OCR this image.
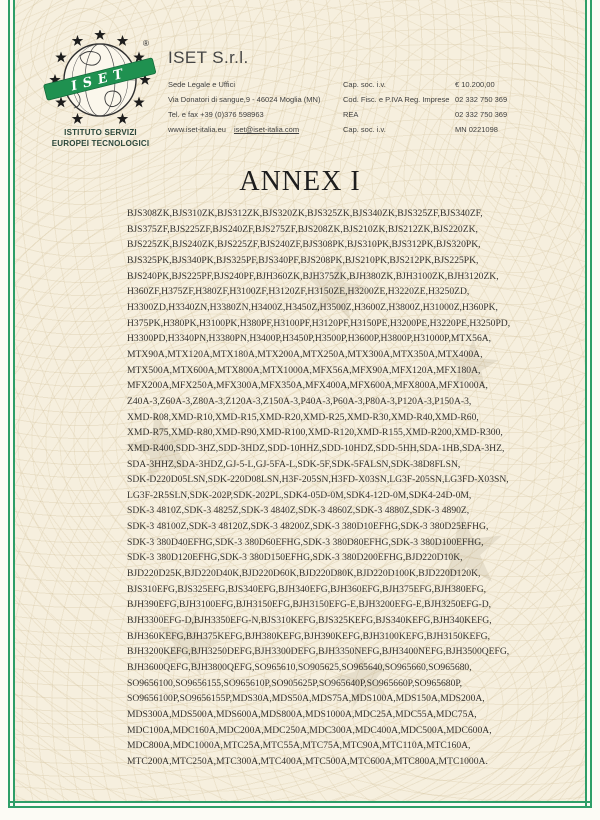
★
★
★
★
★
★
ISET
®
ISTITUTO SERVIZI
EUROPEI TECNOLOGICI
ISET S.r.l.
Sede Legale e Uffici
Via Donatori di sangue,9 - 46024 Moglia (MN)
Tel. e fax +39 (0)376 598963
www.iset-italia.eu iset@iset-italia.com
Cap. soc. i.v.	€ 10.200,00
Cod. Fisc. e P.IVA Reg. Imprese 02 332 750 369
REA	02 332 750 369
Cap. soc. i.v.	MN 0221098
ANNEX I
BJS308ZK,BJS310ZK,BJS312ZK,BJS320ZK,BJS325ZK,BJS340ZK,BJS325ZF,BJS340ZF,
BJS375ZF,BJS225ZF,BJS240ZF,BJS275ZF,BJS208ZK,BJS210ZK,BJS212ZK,BJS220ZK,
BJS225ZK,BJS240ZK,BJS225ZF,BJS240ZF,BJS308PK,BJS310PK,BJS312PK,BJS320PK,
BJS325PK,BJS340PK,BJS325PF,BJS340PF,BJS208PK,BJS210PK,BJS212PK,BJS225PK,
BJS240PK,BJS225PF,BJS240PF,BJH360ZK,BJH375ZK,BJH380ZK,BJH3100ZK,BJH3120ZK,
H360ZF,H375ZF,H380ZF,H3100ZF,H3120ZF,H3150ZE,H3200ZE,H3220ZE,H3250ZD,
H3300ZD,H3340ZN,H3380ZN,H3400Z,H3450Z,H3500Z,H3600Z,H3800Z,H31000Z,H360PK,
H375PK,H380PK,H3100PK,H380PF,H3100PF,H3120PF,H3150PE,H3200PE,H3220PE,H3250PD,
H3300PD,H3340PN,H3380PN,H3400P,H3450P,H3500P,H3600P,H3800P,H31000P,MTX56A,
MTX90A,MTX120A,MTX180A,MTX200A,MTX250A,MTX300A,MTX350A,MTX400A,
MTX500A,MTX600A,MTX800A,MTX1000A,MFX56A,MFX90A,MFX120A,MFX180A,
MFX200A,MFX250A,MFX300A,MFX350A,MFX400A,MFX600A,MFX800A,MFX1000A,
Z40A-3,Z60A-3,Z80A-3,Z120A-3,Z150A-3,P40A-3,P60A-3,P80A-3,P120A-3,P150A-3,
XMD-R08,XMD-R10,XMD-R15,XMD-R20,XMD-R25,XMD-R30,XMD-R40,XMD-R60,
XMD-R75,XMD-R80,XMD-R90,XMD-R100,XMD-R120,XMD-R155,XMD-R200,XMD-R300,
XMD-R400,SDD-3HZ,SDD-3HDZ,SDD-10HHZ,SDD-10HDZ,SDD-5HH,SDA-1HB,SDA-3HZ,
SDA-3HHZ,SDA-3HDZ,GJ-5-L,GJ-5FA-L,SDK-5F,SDK-5FALSN,SDK-38D8FLSN,
SDK-D220D05LSN,SDK-220D08LSN,H3F-205SN,H3FD-X03SN,LG3F-205SN,LG3FD-X03SN,
LG3F-2R5SLN,SDK-202P,SDK-202PL,SDK4-05D-0M,SDK4-12D-0M,SDK4-24D-0M,
SDK-3 4810Z,SDK-3 4825Z,SDK-3 4840Z,SDK-3 4860Z,SDK-3 4880Z,SDK-3 4890Z,
SDK-3 48100Z,SDK-3 48120Z,SDK-3 48200Z,SDK-3 380D10EFHG,SDK-3 380D25EFHG,
SDK-3 380D40EFHG,SDK-3 380D60EFHG,SDK-3 380D80EFHG,SDK-3 380D100EFHG,
SDK-3 380D120EFHG,SDK-3 380D150EFHG,SDK-3 380D200EFHG,BJD220D10K,
BJD220D25K,BJD220D40K,BJD220D60K,BJD220D80K,BJD220D100K,BJD220D120K,
BJS310EFG,BJS325EFG,BJS340EFG,BJH340EFG,BJH360EFG,BJH375EFG,BJH380EFG,
BJH390EFG,BJH3100EFG,BJH3150EFG,BJH3150EFG-E,BJH3200EFG-E,BJH3250EFG-D,
BJH3300EFG-D,BJH3350EFG-N,BJS310KEFG,BJS325KEFG,BJS340KEFG,BJH340KEFG,
BJH360KEFG,BJH375KEFG,BJH380KEFG,BJH390KEFG,BJH3100KEFG,BJH3150KEFG,
BJH3200KEFG,BJH3250DEFG,BJH3300DEFG,BJH3350NEFG,BJH3400NEFG,BJH3500QEFG,
BJH3600QEFG,BJH3800QEFG,SO965610,SO905625,SO965640,SO965660,SO965680,
SO9656100,SO9656155,SO965610P,SO905625P,SO965640P,SO965660P,SO965680P,
SO9656100P,SO9656155P,MDS30A,MDS50A,MDS75A,MDS100A,MDS150A,MDS200A,
MDS300A,MDS500A,MDS600A,MDS800A,MDS1000A,MDC25A,MDC55A,MDC75A,
MDC100A,MDC160A,MDC200A,MDC250A,MDC300A,MDC400A,MDC500A,MDC600A,
MDC800A,MDC1000A,MTC25A,MTC55A,MTC75A,MTC90A,MTC110A,MTC160A,
MTC200A,MTC250A,MTC300A,MTC400A,MTC500A,MTC600A,MTC800A,MTC1000A.
